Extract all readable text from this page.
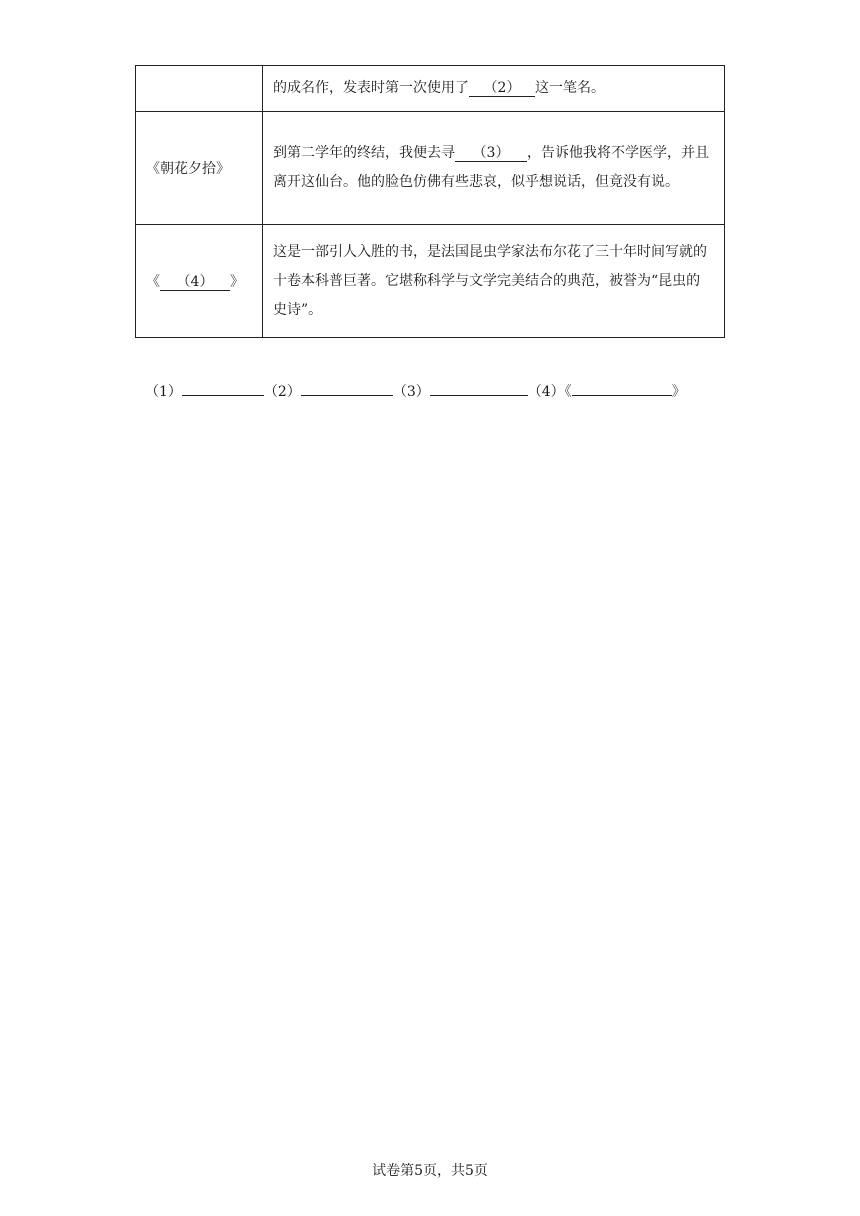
	的成名作，发表时第一次使用了 （2） 这一笔名。
《朝花夕拾》	到第二学年的终结，我便去寻 （3） ，告诉他我将不学医学，并且离开这仙台。他的脸色仿佛有些悲哀，似乎想说话，但竟没有说。
《 （4） 》	这是一部引人入胜的书，是法国昆虫学家法布尔花了三十年时间写就的十卷本科普巨著。它堪称科学与文学完美结合的典范，被誉为“昆虫的史诗”。
（1）	（2）	（3）	（4）《	》
试卷第5页，共5页
